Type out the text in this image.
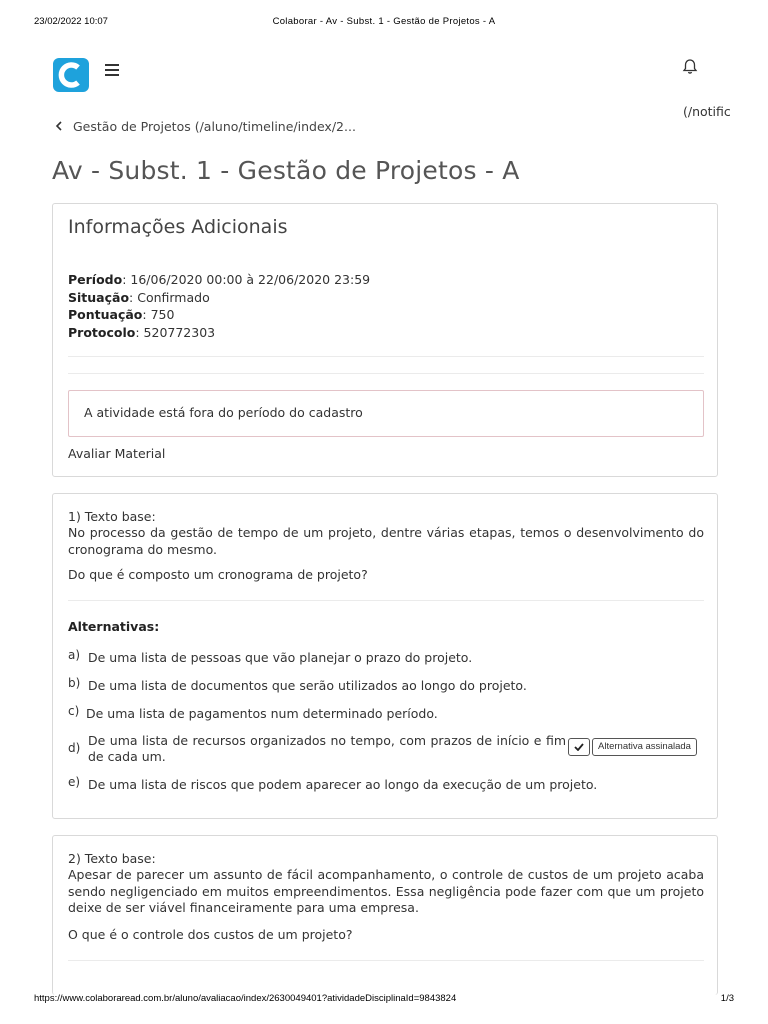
23/02/2022 10:07	Colaborar - Av - Subst. 1 - Gestão de Projetos - A
(/notific
Gestão de Projetos (/aluno/timeline/index/2...
Av - Subst. 1 - Gestão de Projetos - A
Informações Adicionais
Período: 16/06/2020 00:00 à 22/06/2020 23:59
Situação: Confirmado
Pontuação: 750
Protocolo: 520772303
A atividade está fora do período do cadastro
Avaliar Material
1) Texto base:
No processo da gestão de tempo de um projeto, dentre várias etapas, temos o desenvolvimento do cronograma do mesmo.
Do que é composto um cronograma de projeto?
Alternativas:
a) De uma lista de pessoas que vão planejar o prazo do projeto.
b) De uma lista de documentos que serão utilizados ao longo do projeto.
c) De uma lista de pagamentos num determinado período.
d) De uma lista de recursos organizados no tempo, com prazos de início e fim de cada um.
Alternativa assinalada
e) De uma lista de riscos que podem aparecer ao longo da execução de um projeto.
2) Texto base:
Apesar de parecer um assunto de fácil acompanhamento, o controle de custos de um projeto acaba sendo negligenciado em muitos empreendimentos. Essa negligência pode fazer com que um projeto deixe de ser viável financeiramente para uma empresa.
O que é o controle dos custos de um projeto?
https://www.colaboraread.com.br/aluno/avaliacao/index/2630049401?atividadeDisciplinaId=9843824	1/3
